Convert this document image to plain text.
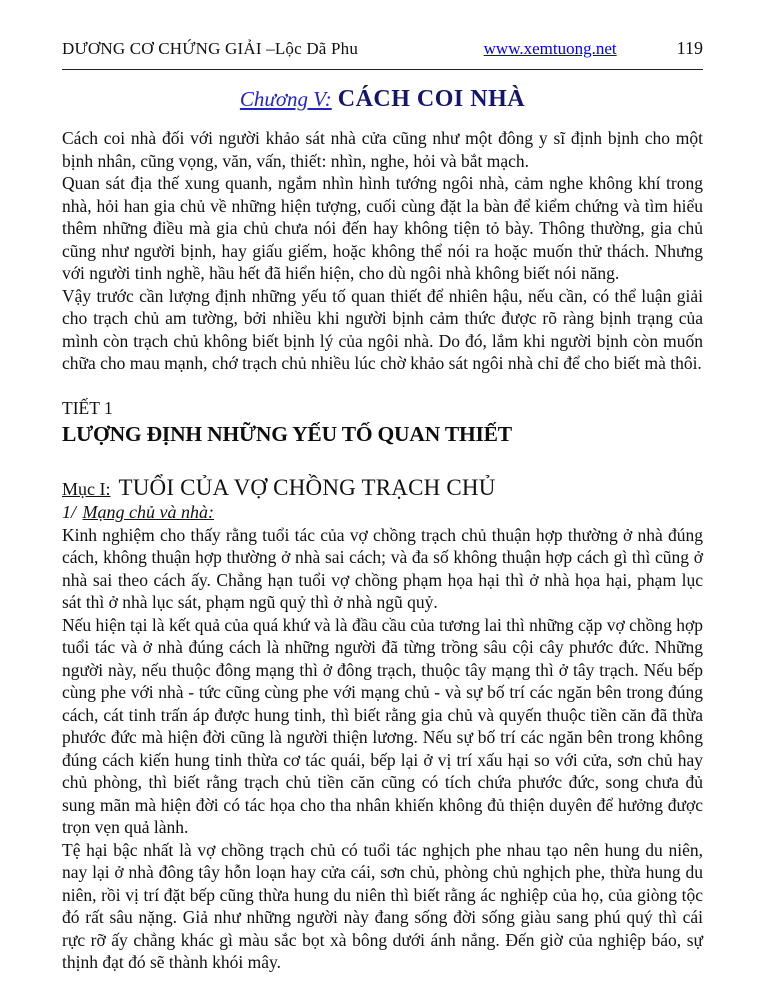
DƯƠNG CƠ CHỨNG GIẢI –Lộc Dã Phu	www.xemtuong.net	119
Chương V: CÁCH COI NHÀ

Cách coi nhà đối với người khảo sát nhà cửa cũng như một đông y sĩ định bịnh cho một bịnh nhân, cũng vọng, văn, vấn, thiết: nhìn, nghe, hỏi và bắt mạch.

Quan sát địa thế xung quanh, ngắm nhìn hình tướng ngôi nhà, cảm nghe không khí trong nhà, hỏi han gia chủ về những hiện tượng, cuối cùng đặt la bàn để kiểm chứng và tìm hiểu thêm những điều mà gia chủ chưa nói đến hay không tiện tỏ bày. Thông thường, gia chủ cũng như người bịnh, hay giấu giếm, hoặc không thể nói ra hoặc muốn thử thách. Nhưng với người tinh nghề, hầu hết đã hiển hiện, cho dù ngôi nhà không biết nói năng.

Vậy trước cần lượng định những yếu tố quan thiết để nhiên hậu, nếu cần, có thể luận giải cho trạch chủ am tường, bởi nhiều khi người bịnh cảm thức được rõ ràng bịnh trạng của mình còn trạch chủ không biết bịnh lý của ngôi nhà. Do đó, lắm khi người bịnh còn muốn chữa cho mau mạnh, chớ trạch chủ nhiều lúc chờ khảo sát ngôi nhà chỉ để cho biết mà thôi.

TIẾT 1
LƯỢNG ĐỊNH NHỮNG YẾU TỐ QUAN THIẾT
Mục I: TUỔI CỦA VỢ CHỒNG TRẠCH CHỦ
1/ Mạng chủ và nhà:

Kinh nghiệm cho thấy rằng tuổi tác của vợ chồng trạch chủ thuận hợp thường ở nhà đúng cách, không thuận hợp thường ở nhà sai cách; và đa số không thuận hợp cách gì thì cũng ở nhà sai theo cách ấy. Chẳng hạn tuổi vợ chồng phạm họa hại thì ở nhà họa hại, phạm lục sát thì ở nhà lục sát, phạm ngũ quỷ thì ở nhà ngũ quỷ.

Nếu hiện tại là kết quả của quá khứ và là đầu cầu của tương lai thì những cặp vợ chồng hợp tuổi tác và ở nhà đúng cách là những người đã từng trồng sâu cội cây phước đức. Những người này, nếu thuộc đông mạng thì ở đông trạch, thuộc tây mạng thì ở tây trạch. Nếu bếp cùng phe với nhà - tức cũng cùng phe với mạng chủ - và sự bố trí các ngăn bên trong đúng cách, cát tinh trấn áp được hung tinh, thì biết rằng gia chủ và quyến thuộc tiền căn đã thừa phước đức mà hiện đời cũng là người thiện lương. Nếu sự bố trí các ngăn bên trong không đúng cách kiến hung tinh thừa cơ tác quái, bếp lại ở vị trí xấu hại so với cửa, sơn chủ hay chủ phòng, thì biết rằng trạch chủ tiền căn cũng có tích chứa phước đức, song chưa đủ sung mãn mà hiện đời có tác họa cho tha nhân khiến không đủ thiện duyên để hưởng được trọn vẹn quả lành.

Tệ hại bậc nhất là vợ chồng trạch chủ có tuổi tác nghịch phe nhau tạo nên hung du niên, nay lại ở nhà đông tây hỗn loạn hay cửa cái, sơn chủ, phòng chủ nghịch phe, thừa hung du niên, rồi vị trí đặt bếp cũng thừa hung du niên thì biết rằng ác nghiệp của họ, của giòng tộc đó rất sâu nặng. Giả như những người này đang sống đời sống giàu sang phú quý thì cái rực rỡ ấy chẳng khác gì màu sắc bọt xà bông dưới ánh nắng. Đến giờ của nghiệp báo, sự thịnh đạt đó sẽ thành khói mây.
